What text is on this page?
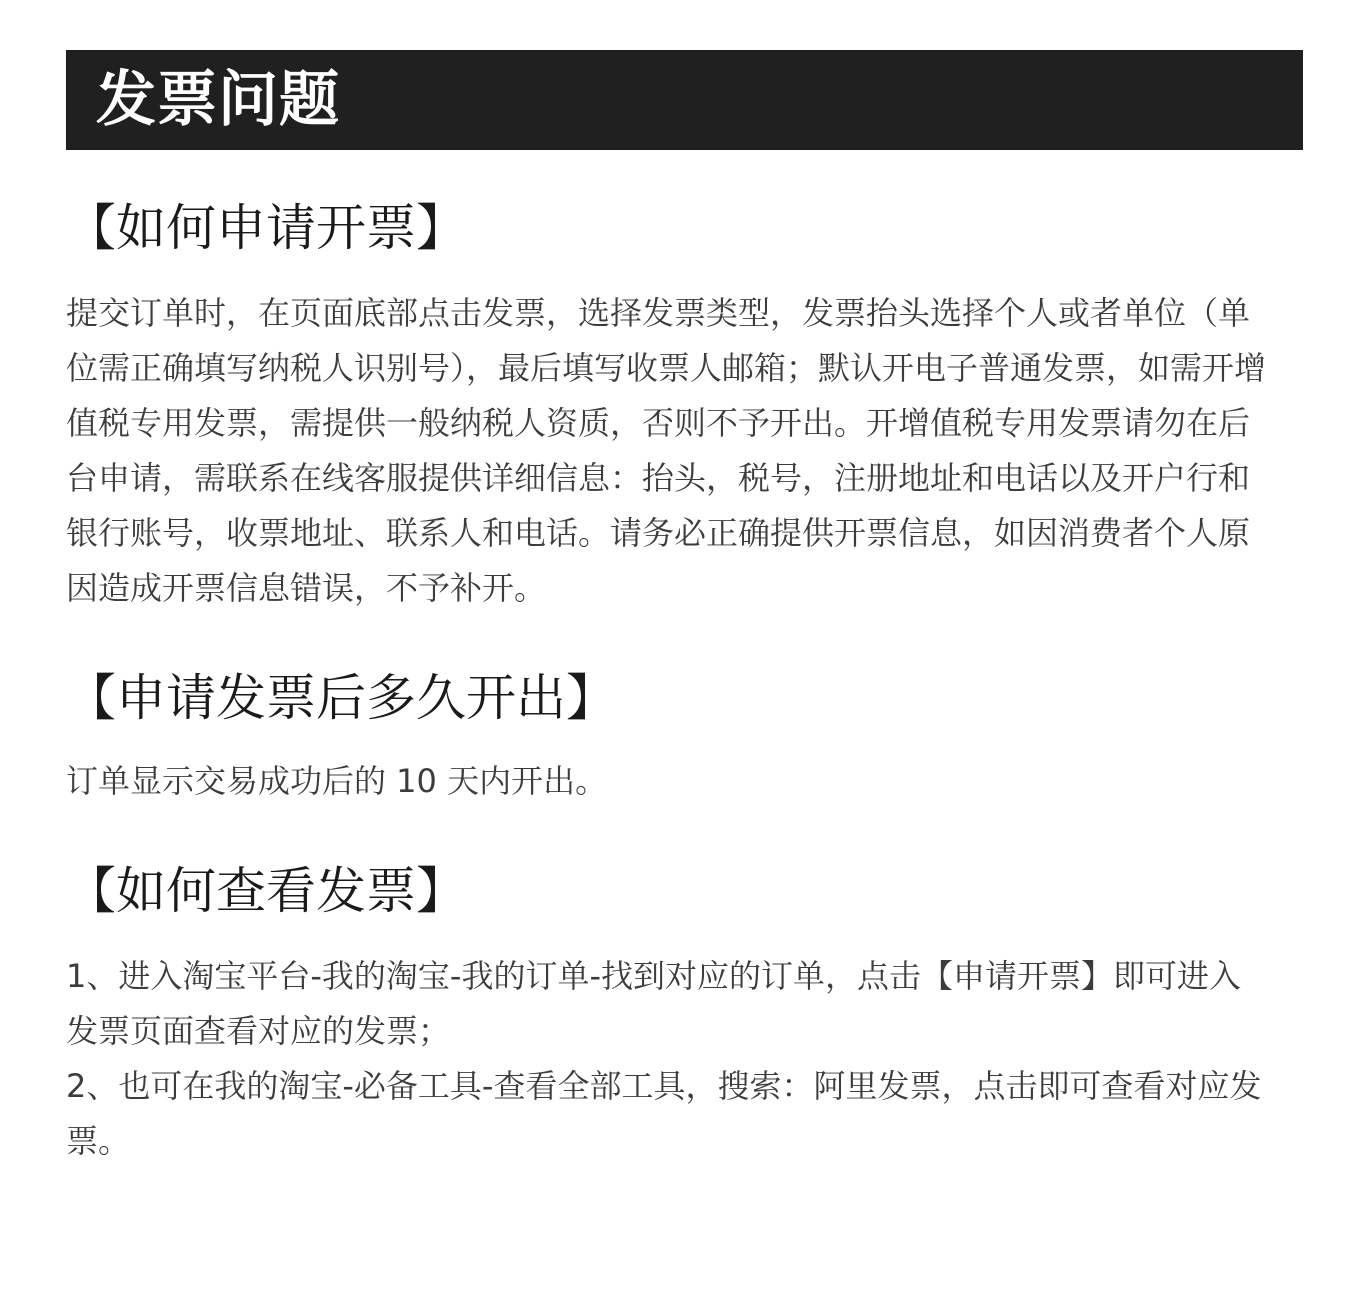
发票问题
【如何申请开票】

提交订单时，在页面底部点击发票，选择发票类型，发票抬头选择个人或者单位（单位需正确填写纳税人识别号），最后填写收票人邮箱；默认开电子普通发票，如需开增值税专用发票，需提供一般纳税人资质，否则不予开出。开增值税专用发票请勿在后台申请，需联系在线客服提供详细信息：抬头，税号，注册地址和电话以及开户行和银行账号，收票地址、联系人和电话。请务必正确提供开票信息，如因消费者个人原因造成开票信息错误，不予补开。

【申请发票后多久开出】

订单显示交易成功后的 10 天内开出。

【如何查看发票】

1、进入淘宝平台-我的淘宝-我的订单-找到对应的订单，点击【申请开票】即可进入发票页面查看对应的发票；

2、也可在我的淘宝-必备工具-查看全部工具，搜索：阿里发票，点击即可查看对应发票。
